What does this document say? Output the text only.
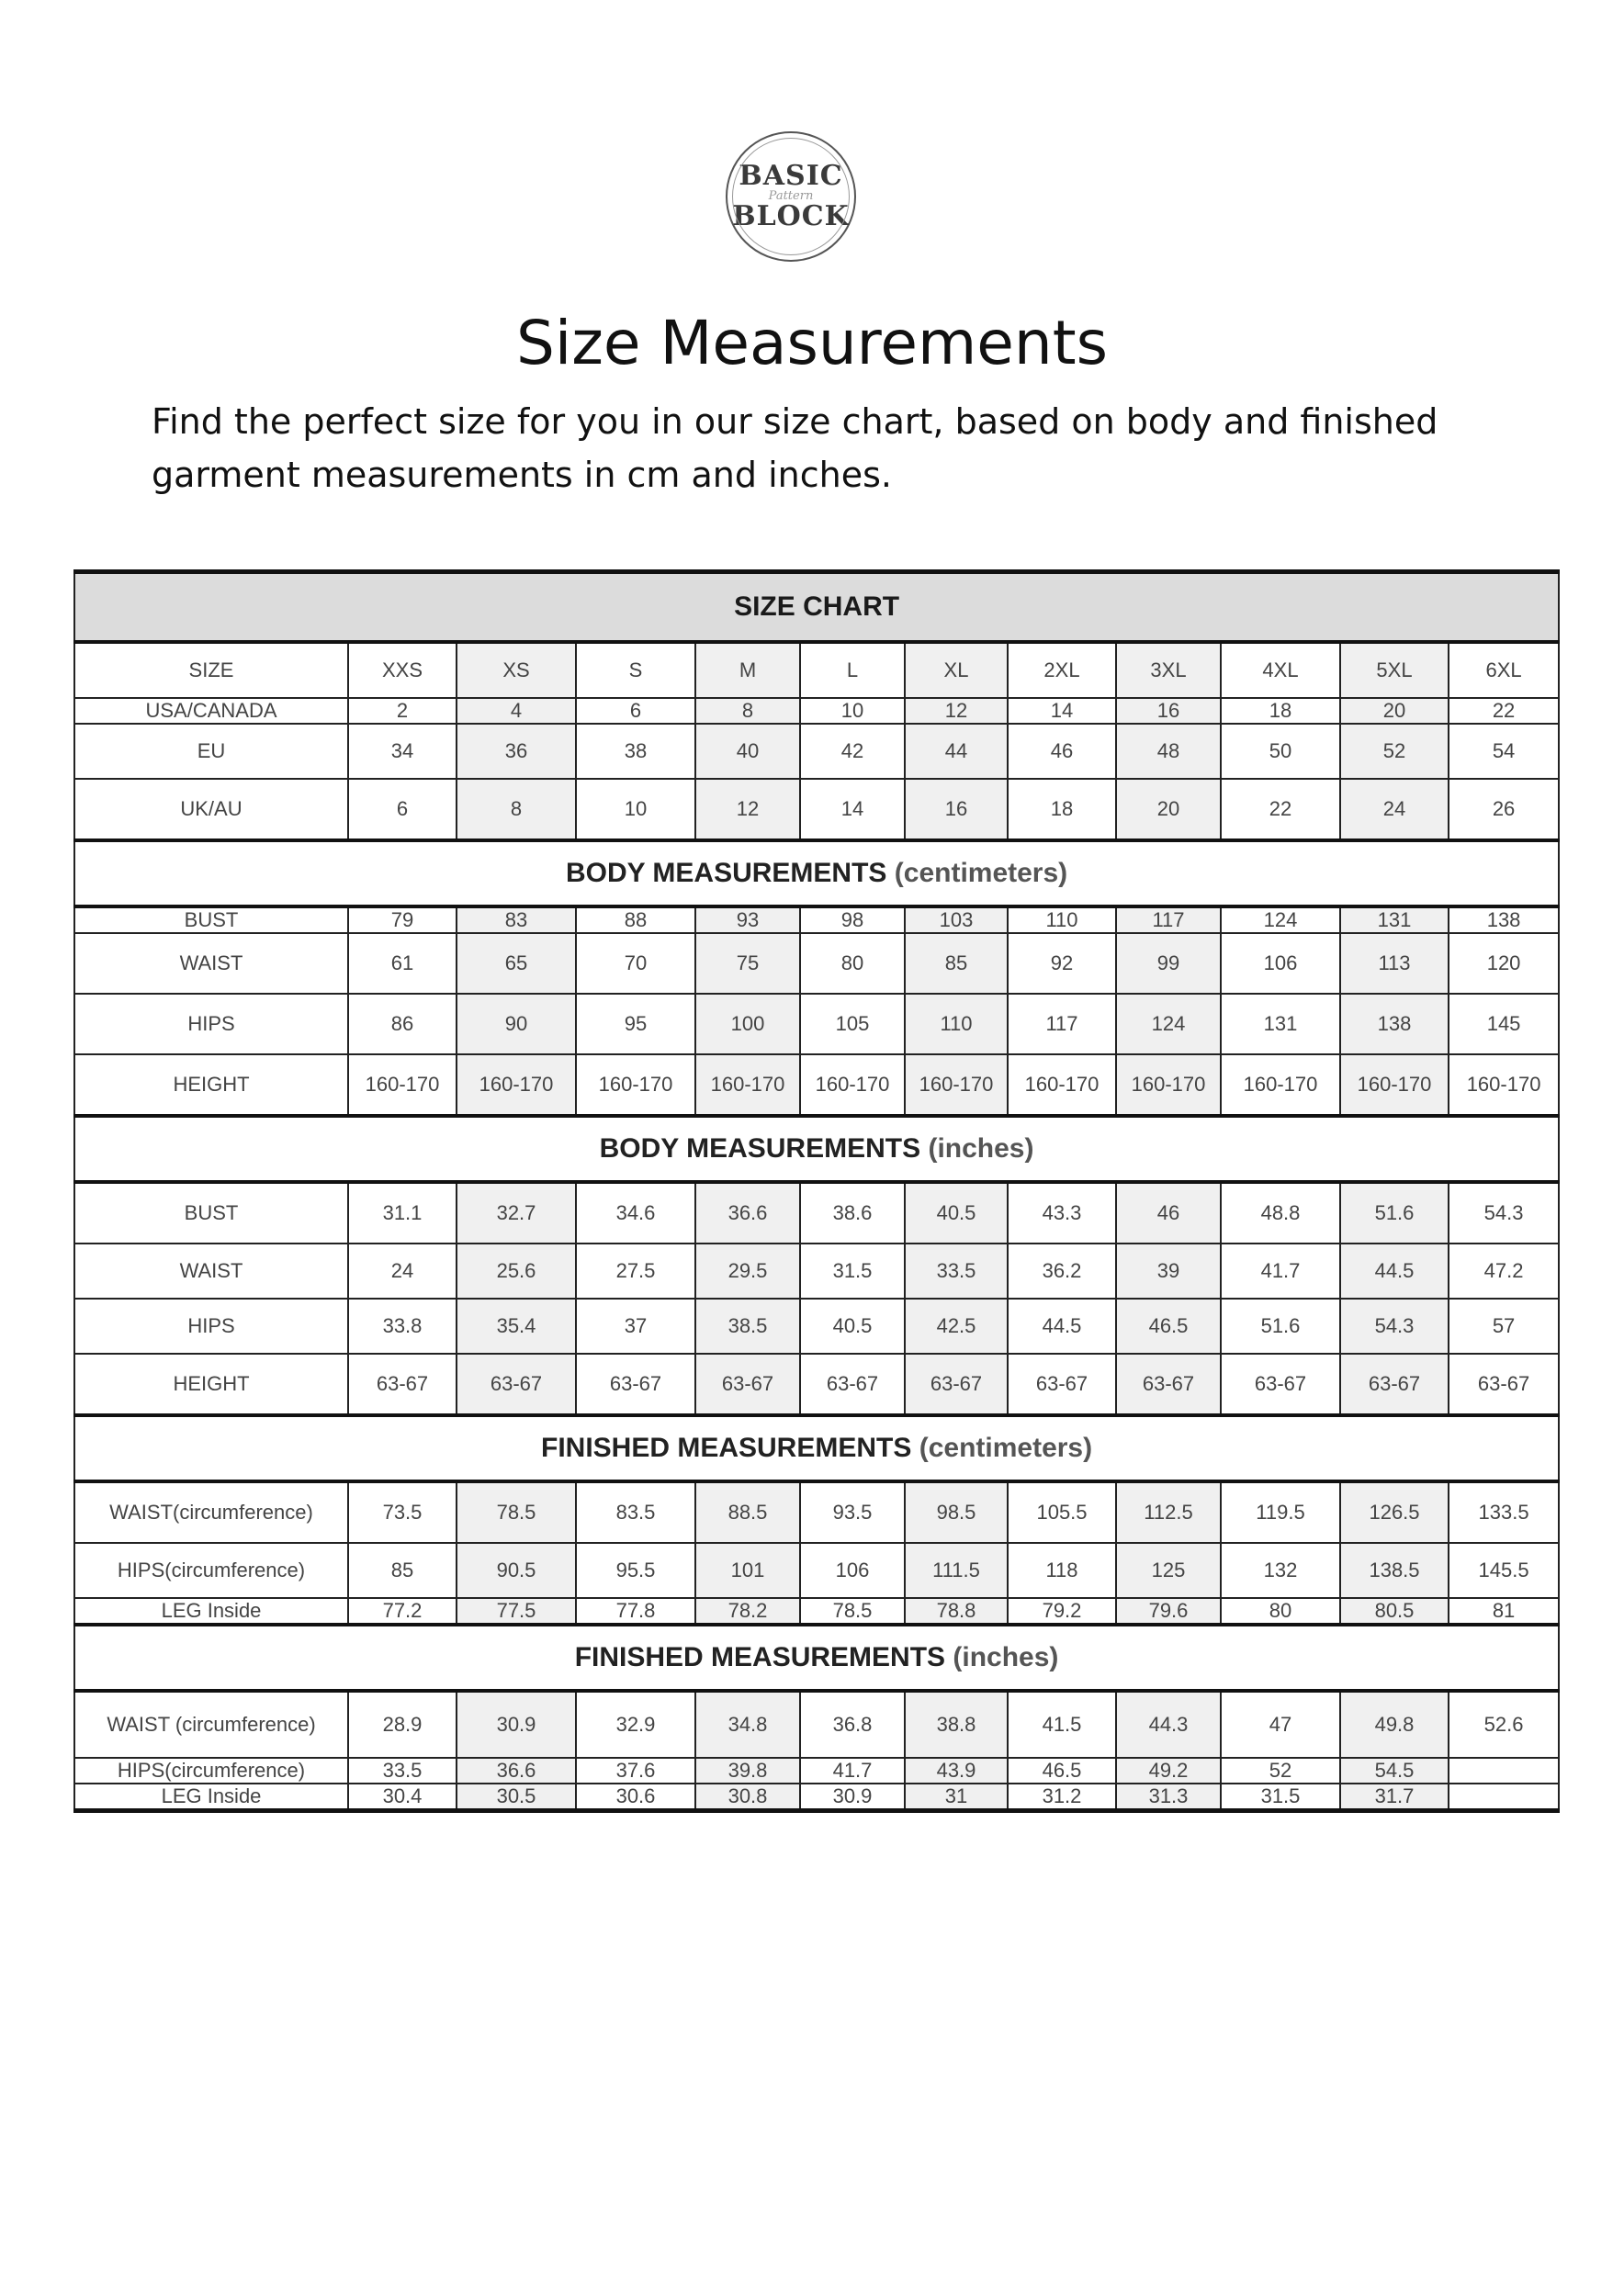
BASIC
Pattern
BLOCK
Size Measurements

Find the perfect size for you in our size chart, based on body and finished garment measurements in cm and inches.

SIZE CHART											
SIZE	XXS	XS	S	M	L	XL	2XL	3XL	4XL	5XL	6XL
USA/CANADA	2	4	6	8	10	12	14	16	18	20	22
EU	34	36	38	40	42	44	46	48	50	52	54
UK/AU	6	8	10	12	14	16	18	20	22	24	26
BODY MEASUREMENTS (centimeters)											
BUST	79	83	88	93	98	103	110	117	124	131	138
WAIST	61	65	70	75	80	85	92	99	106	113	120
HIPS	86	90	95	100	105	110	117	124	131	138	145
HEIGHT	160-170	160-170	160-170	160-170	160-170	160-170	160-170	160-170	160-170	160-170	160-170
BODY MEASUREMENTS (inches)											
BUST	31.1	32.7	34.6	36.6	38.6	40.5	43.3	46	48.8	51.6	54.3
WAIST	24	25.6	27.5	29.5	31.5	33.5	36.2	39	41.7	44.5	47.2
HIPS	33.8	35.4	37	38.5	40.5	42.5	44.5	46.5	51.6	54.3	57
HEIGHT	63-67	63-67	63-67	63-67	63-67	63-67	63-67	63-67	63-67	63-67	63-67
FINISHED MEASUREMENTS (centimeters)											
WAIST(circumference)	73.5	78.5	83.5	88.5	93.5	98.5	105.5	112.5	119.5	126.5	133.5
HIPS(circumference)	85	90.5	95.5	101	106	111.5	118	125	132	138.5	145.5
LEG Inside	77.2	77.5	77.8	78.2	78.5	78.8	79.2	79.6	80	80.5	81
FINISHED MEASUREMENTS (inches)											
WAIST (circumference)	28.9	30.9	32.9	34.8	36.8	38.8	41.5	44.3	47	49.8	52.6
HIPS(circumference)	33.5	36.6	37.6	39.8	41.7	43.9	46.5	49.2	52	54.5	
LEG Inside	30.4	30.5	30.6	30.8	30.9	31	31.2	31.3	31.5	31.7	
